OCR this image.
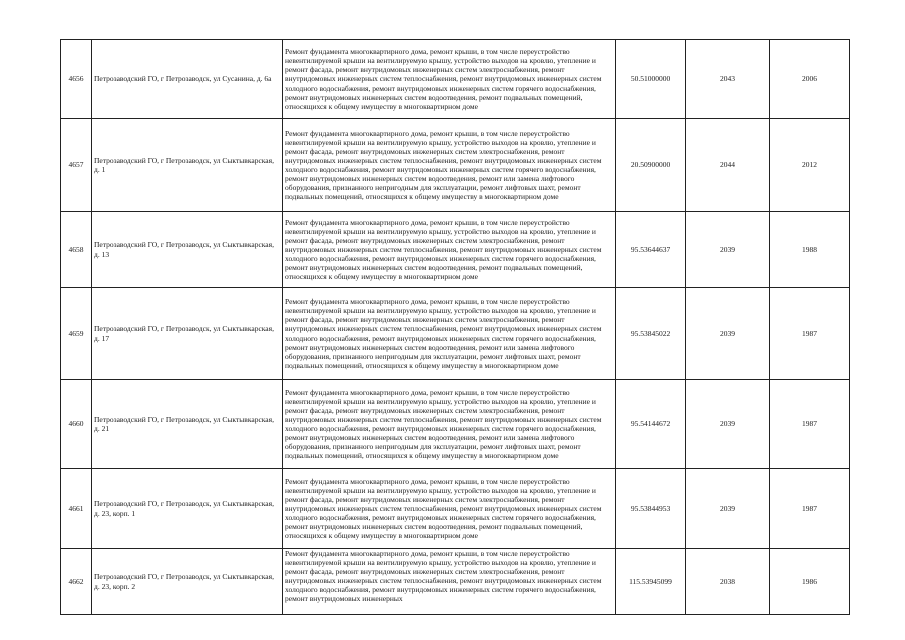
4656	Петрозаводский ГО, г Петрозаводск, ул Сусанина, д. 6а	Ремонт фундамента многоквартирного дома, ремонт крыши, в том числе переустройство невентилируемой крыши на вентилируемую крышу, устройство выходов на кровлю, утепление и ремонт фасада, ремонт внутридомовых инженерных систем электроснабжения, ремонт внутридомовых инженерных систем теплоснабжения, ремонт внутридомовых инженерных систем холодного водоснабжения, ремонт внутридомовых инженерных систем горячего водоснабжения, ремонт внутридомовых инженерных систем водоотведения, ремонт подвальных помещений, относящихся к общему имуществу в многоквартирном доме	50.51000000	2043	2006
4657	Петрозаводский ГО, г Петрозаводск, ул Сыктывкарская, д. 1	Ремонт фундамента многоквартирного дома, ремонт крыши, в том числе переустройство невентилируемой крыши на вентилируемую крышу, устройство выходов на кровлю, утепление и ремонт фасада, ремонт внутридомовых инженерных систем электроснабжения, ремонт внутридомовых инженерных систем теплоснабжения, ремонт внутридомовых инженерных систем холодного водоснабжения, ремонт внутридомовых инженерных систем горячего водоснабжения, ремонт внутридомовых инженерных систем водоотведения, ремонт или замена лифтового оборудования, признанного непригодным для эксплуатации, ремонт лифтовых шахт, ремонт подвальных помещений, относящихся к общему имуществу в многоквартирном доме	20.50900000	2044	2012
4658	Петрозаводский ГО, г Петрозаводск, ул Сыктывкарская, д. 13	Ремонт фундамента многоквартирного дома, ремонт крыши, в том числе переустройство невентилируемой крыши на вентилируемую крышу, устройство выходов на кровлю, утепление и ремонт фасада, ремонт внутридомовых инженерных систем электроснабжения, ремонт внутридомовых инженерных систем теплоснабжения, ремонт внутридомовых инженерных систем холодного водоснабжения, ремонт внутридомовых инженерных систем горячего водоснабжения, ремонт внутридомовых инженерных систем водоотведения, ремонт подвальных помещений, относящихся к общему имуществу в многоквартирном доме	95.53644637	2039	1988
4659	Петрозаводский ГО, г Петрозаводск, ул Сыктывкарская, д. 17	Ремонт фундамента многоквартирного дома, ремонт крыши, в том числе переустройство невентилируемой крыши на вентилируемую крышу, устройство выходов на кровлю, утепление и ремонт фасада, ремонт внутридомовых инженерных систем электроснабжения, ремонт внутридомовых инженерных систем теплоснабжения, ремонт внутридомовых инженерных систем холодного водоснабжения, ремонт внутридомовых инженерных систем горячего водоснабжения, ремонт внутридомовых инженерных систем водоотведения, ремонт или замена лифтового оборудования, признанного непригодным для эксплуатации, ремонт лифтовых шахт, ремонт подвальных помещений, относящихся к общему имуществу в многоквартирном доме	95.53845022	2039	1987
4660	Петрозаводский ГО, г Петрозаводск, ул Сыктывкарская, д. 21	Ремонт фундамента многоквартирного дома, ремонт крыши, в том числе переустройство невентилируемой крыши на вентилируемую крышу, устройство выходов на кровлю, утепление и ремонт фасада, ремонт внутридомовых инженерных систем электроснабжения, ремонт внутридомовых инженерных систем теплоснабжения, ремонт внутридомовых инженерных систем холодного водоснабжения, ремонт внутридомовых инженерных систем горячего водоснабжения, ремонт внутридомовых инженерных систем водоотведения, ремонт или замена лифтового оборудования, признанного непригодным для эксплуатации, ремонт лифтовых шахт, ремонт подвальных помещений, относящихся к общему имуществу в многоквартирном доме	95.54144672	2039	1987
4661	Петрозаводский ГО, г Петрозаводск, ул Сыктывкарская, д. 23, корп. 1	Ремонт фундамента многоквартирного дома, ремонт крыши, в том числе переустройство невентилируемой крыши на вентилируемую крышу, устройство выходов на кровлю, утепление и ремонт фасада, ремонт внутридомовых инженерных систем электроснабжения, ремонт внутридомовых инженерных систем теплоснабжения, ремонт внутридомовых инженерных систем холодного водоснабжения, ремонт внутридомовых инженерных систем горячего водоснабжения, ремонт внутридомовых инженерных систем водоотведения, ремонт подвальных помещений, относящихся к общему имуществу в многоквартирном доме	95.53844953	2039	1987
4662	Петрозаводский ГО, г Петрозаводск, ул Сыктывкарская, д. 23, корп. 2	Ремонт фундамента многоквартирного дома, ремонт крыши, в том числе переустройство невентилируемой крыши на вентилируемую крышу, устройство выходов на кровлю, утепление и ремонт фасада, ремонт внутридомовых инженерных систем электроснабжения, ремонт внутридомовых инженерных систем теплоснабжения, ремонт внутридомовых инженерных систем холодного водоснабжения, ремонт внутридомовых инженерных систем горячего водоснабжения, ремонт внутридомовых инженерных	115.53945099	2038	1986
